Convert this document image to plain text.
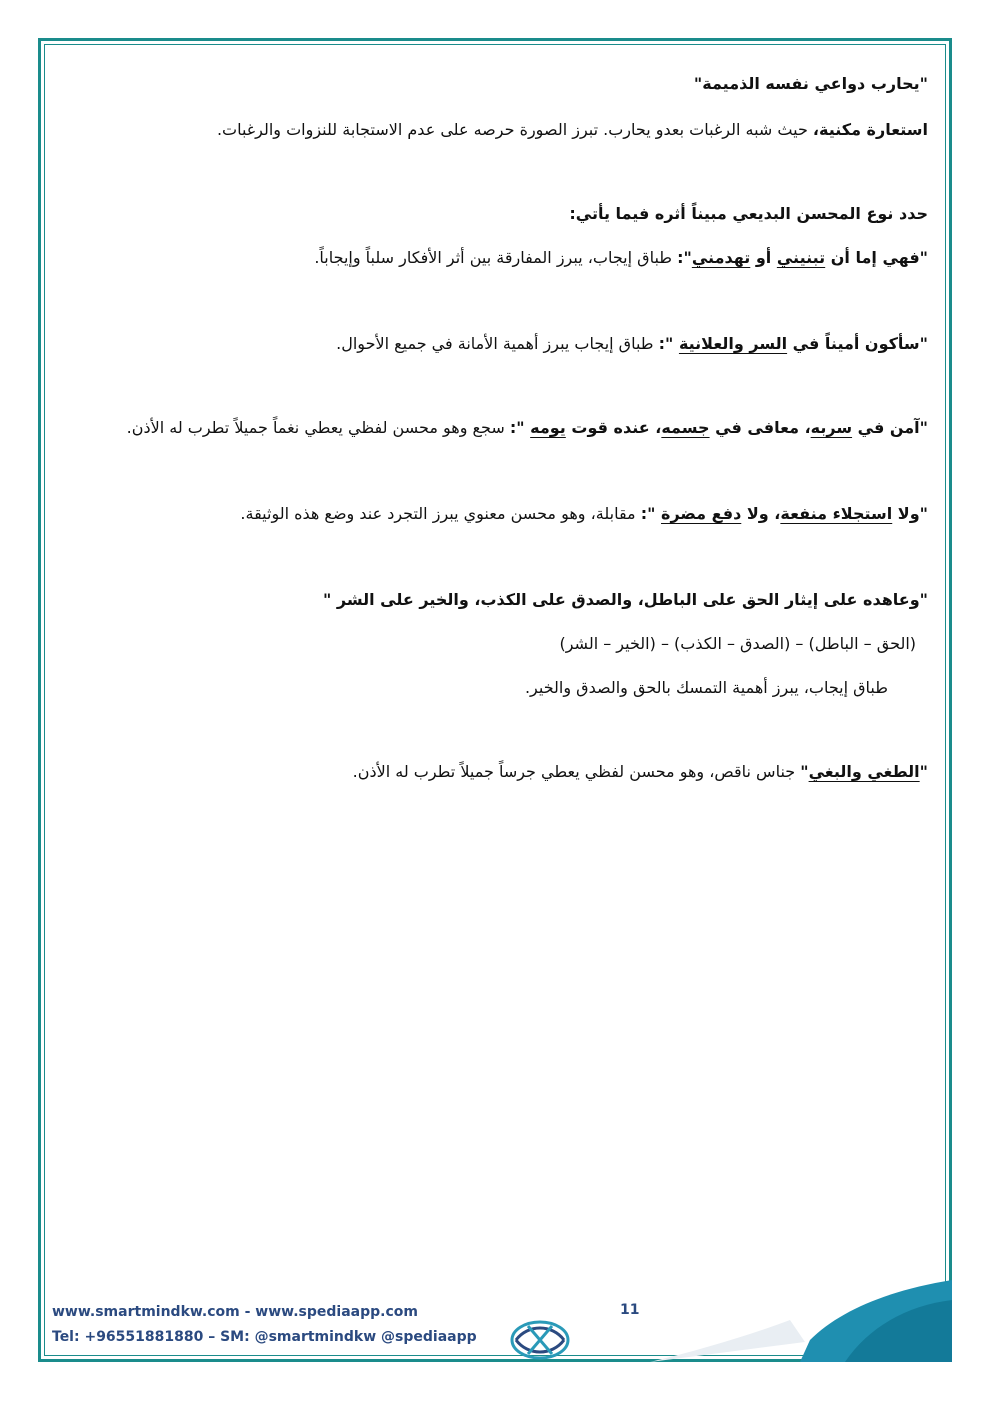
"يحارب دواعي نفسه الذميمة"
استعارة مكنية، حيث شبه الرغبات بعدو يحارب. تبرز الصورة حرصه على عدم الاستجابة للنزوات والرغبات.
حدد نوع المحسن البديعي مبيناً أثره فيما يأتي:
"فهي إما أن تبنيني أو تهدمني": طباق إيجاب، يبرز المفارقة بين أثر الأفكار سلباً وإيجاباً.
"سأكون أميناً في السر والعلانية ": طباق إيجاب يبرز أهمية الأمانة في جميع الأحوال.
"آمن في سربه، معافى في جسمه، عنده قوت يومه ": سجع وهو محسن لفظي يعطي نغماً جميلاً تطرب له الأذن.
"ولا استجلاء منفعة، ولا دفع مضرة ": مقابلة، وهو محسن معنوي يبرز التجرد عند وضع هذه الوثيقة.
"وعاهده على إيثار الحق على الباطل، والصدق على الكذب، والخير على الشر "
(الحق – الباطل) – (الصدق – الكذب) – (الخير – الشر)
طباق إيجاب، يبرز أهمية التمسك بالحق والصدق والخير.
"الطغي والبغي" جناس ناقص، وهو محسن لفظي يعطي جرساً جميلاً تطرب له الأذن.
www.smartmindkw.com - www.spediaapp.com
Tel: +96551881880 – SM: @smartmindkw @spediaapp
11
